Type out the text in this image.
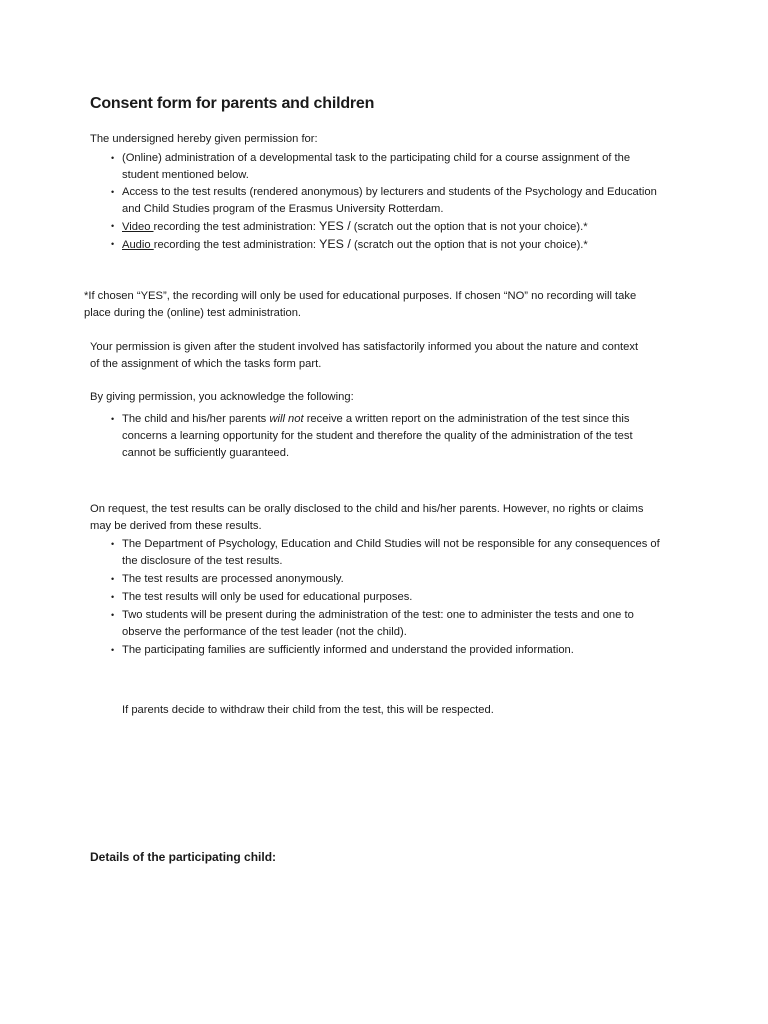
Consent form for parents and children

The undersigned hereby given permission for:

• (Online) administration of a developmental task to the participating child for a course assignment of the
student mentioned below.
• Access to the test results (rendered anonymous) by lecturers and students of the Psychology and Education
and Child Studies program of the Erasmus University Rotterdam.
• Video recording the test administration: YES / (scratch out the option that is not your choice).*
• Audio recording the test administration: YES / (scratch out the option that is not your choice).*

*If chosen “YES”, the recording will only be used for educational purposes. If chosen “NO” no recording will take
place during the (online) test administration.

Your permission is given after the student involved has satisfactorily informed you about the nature and context
of the assignment of which the tasks form part.

By giving permission, you acknowledge the following:

• The child and his/her parents will not receive a written report on the administration of the test since this
concerns a learning opportunity for the student and therefore the quality of the administration of the test
cannot be sufficiently guaranteed.

On request, the test results can be orally disclosed to the child and his/her parents. However, no rights or claims
may be derived from these results.

• The Department of Psychology, Education and Child Studies will not be responsible for any consequences of
the disclosure of the test results.
• The test results are processed anonymously.
• The test results will only be used for educational purposes.
• Two students will be present during the administration of the test: one to administer the tests and one to
observe the performance of the test leader (not the child).
• The participating families are sufficiently informed and understand the provided information.

If parents decide to withdraw their child from the test, this will be respected.

Details of the participating child:
